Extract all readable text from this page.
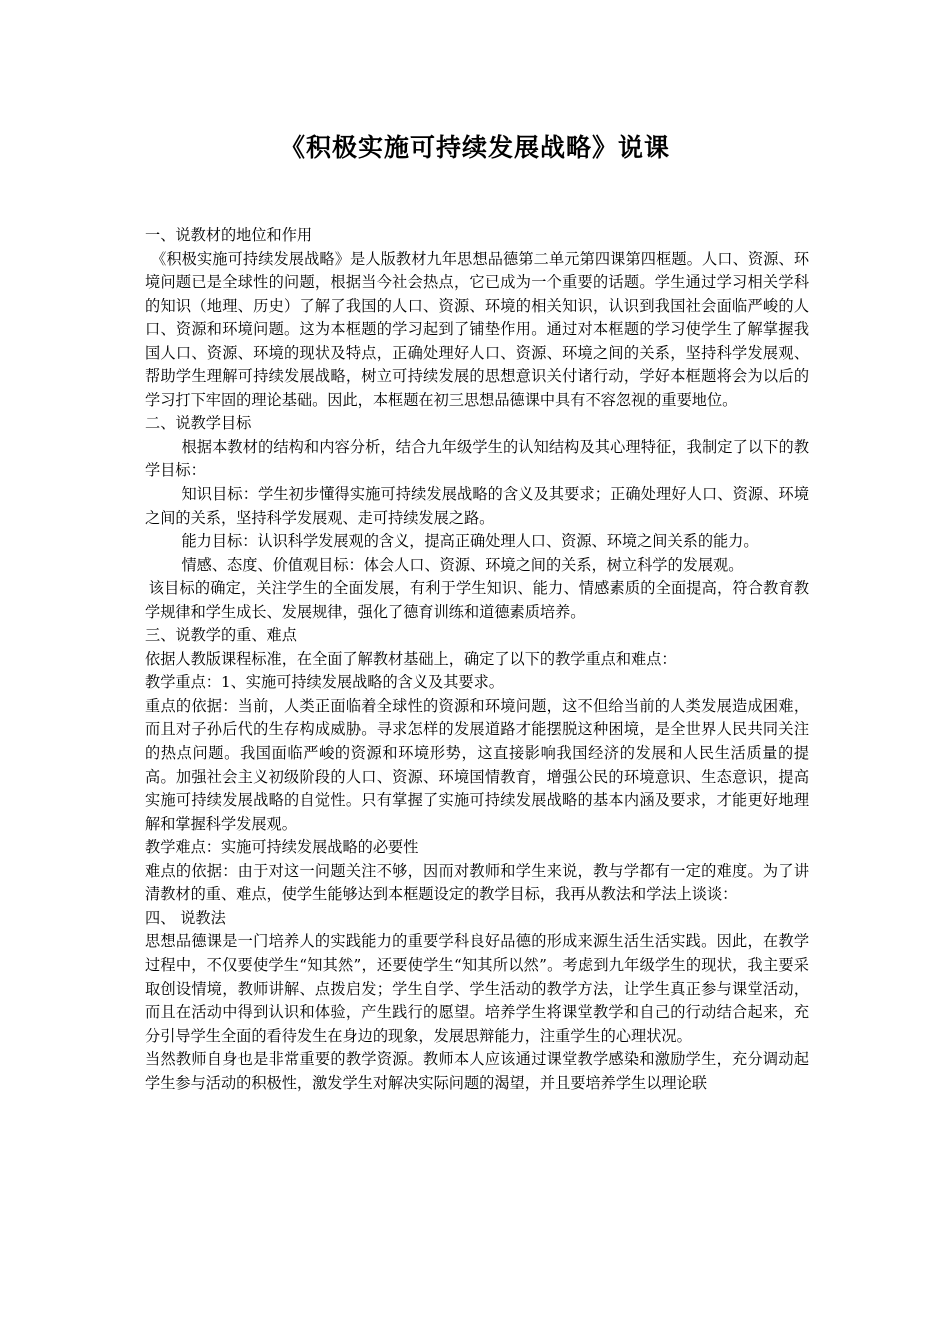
《积极实施可持续发展战略》说课

一、说教材的地位和作用

《积极实施可持续发展战略》是人版教材九年思想品德第二单元第四课第四框题。人口、资源、环境问题已是全球性的问题，根据当今社会热点，它已成为一个重要的话题。学生通过学习相关学科的知识（地理、历史）了解了我国的人口、资源、环境的相关知识，认识到我国社会面临严峻的人口、资源和环境问题。这为本框题的学习起到了铺垫作用。通过对本框题的学习使学生了解掌握我国人口、资源、环境的现状及特点，正确处理好人口、资源、环境之间的关系，坚持科学发展观、帮助学生理解可持续发展战略，树立可持续发展的思想意识关付诸行动，学好本框题将会为以后的学习打下牢固的理论基础。因此，本框题在初三思想品德课中具有不容忽视的重要地位。

二、说教学目标

根据本教材的结构和内容分析，结合九年级学生的认知结构及其心理特征，我制定了以下的教学目标：

知识目标：学生初步懂得实施可持续发展战略的含义及其要求；正确处理好人口、资源、环境之间的关系，坚持科学发展观、走可持续发展之路。

能力目标：认识科学发展观的含义，提高正确处理人口、资源、环境之间关系的能力。

情感、态度、价值观目标：体会人口、资源、环境之间的关系，树立科学的发展观。

该目标的确定，关注学生的全面发展，有利于学生知识、能力、情感素质的全面提高，符合教育教学规律和学生成长、发展规律，强化了德育训练和道德素质培养。

三、说教学的重、难点

依据人教版课程标准，在全面了解教材基础上，确定了以下的教学重点和难点：

教学重点：1、实施可持续发展战略的含义及其要求。

重点的依据：当前，人类正面临着全球性的资源和环境问题，这不但给当前的人类发展造成困难，而且对子孙后代的生存构成威胁。寻求怎样的发展道路才能摆脱这种困境，是全世界人民共同关注的热点问题。我国面临严峻的资源和环境形势，这直接影响我国经济的发展和人民生活质量的提高。加强社会主义初级阶段的人口、资源、环境国情教育，增强公民的环境意识、生态意识，提高实施可持续发展战略的自觉性。只有掌握了实施可持续发展战略的基本内涵及要求，才能更好地理解和掌握科学发展观。

教学难点：实施可持续发展战略的必要性

难点的依据：由于对这一问题关注不够，因而对教师和学生来说，教与学都有一定的难度。为了讲清教材的重、难点，使学生能够达到本框题设定的教学目标，我再从教法和学法上谈谈：

四、 说教法

思想品德课是一门培养人的实践能力的重要学科良好品德的形成来源生活生活实践。因此，在教学过程中，不仅要使学生“知其然”，还要使学生“知其所以然”。考虑到九年级学生的现状，我主要采取创设情境，教师讲解、点拨启发；学生自学、学生活动的教学方法，让学生真正参与课堂活动，而且在活动中得到认识和体验，产生践行的愿望。培养学生将课堂教学和自己的行动结合起来，充分引导学生全面的看待发生在身边的现象，发展思辩能力，注重学生的心理状况。

当然教师自身也是非常重要的教学资源。教师本人应该通过课堂教学感染和激励学生，充分调动起学生参与活动的积极性，激发学生对解决实际问题的渴望，并且要培养学生以理论联
